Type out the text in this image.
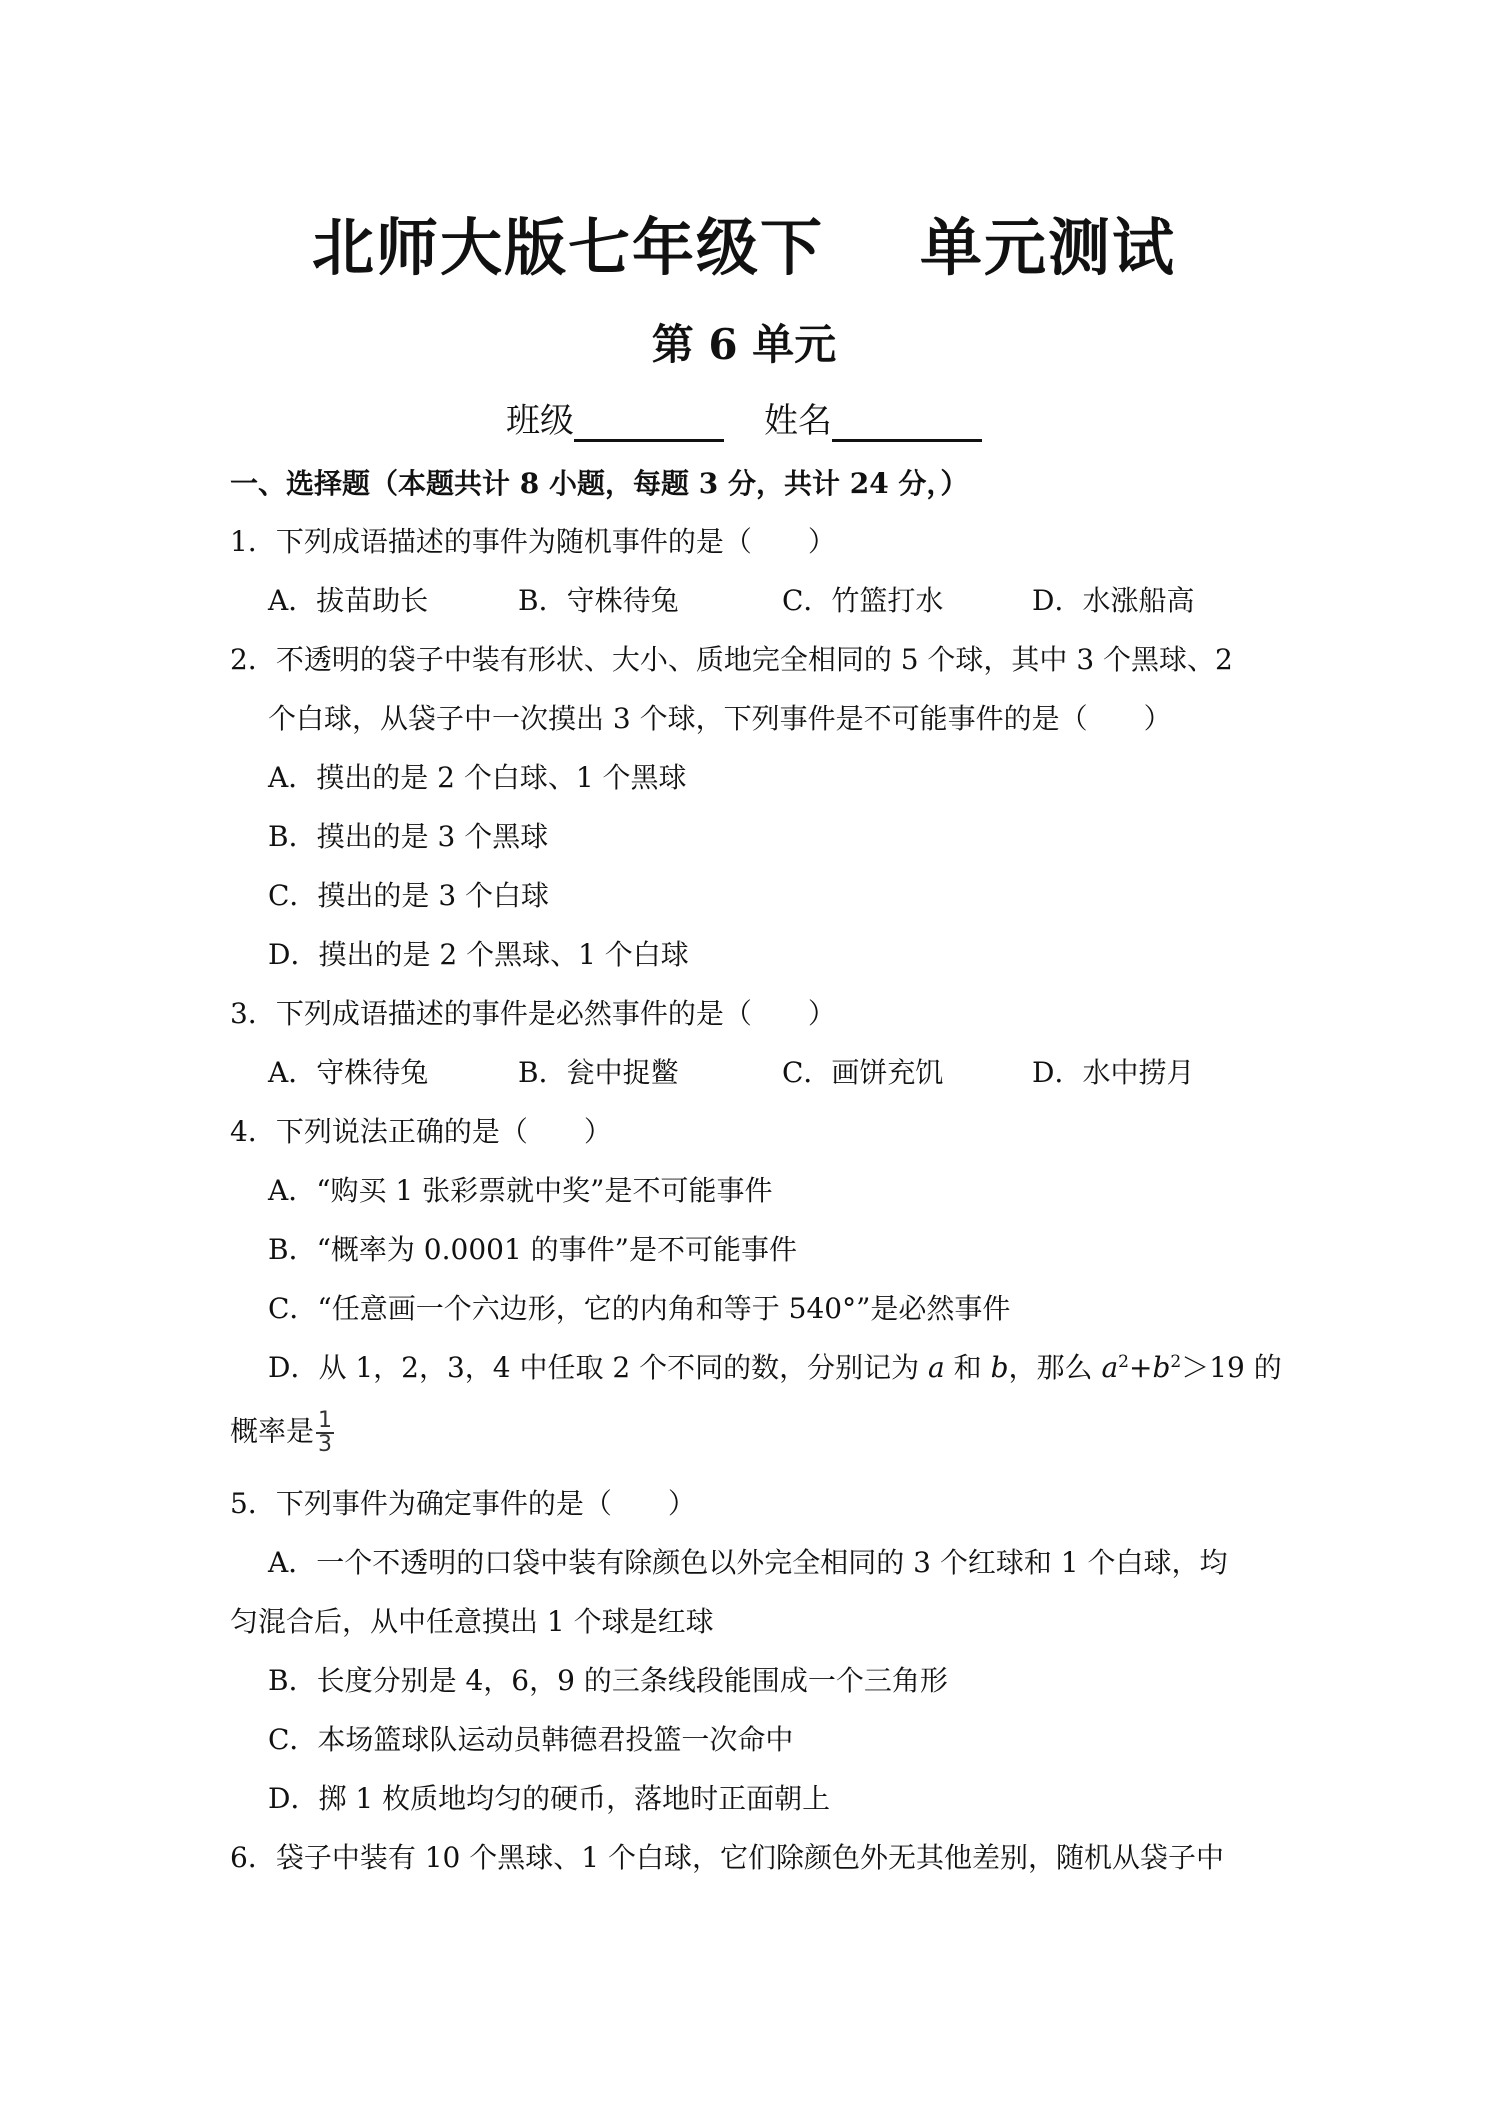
北师大版七年级下 单元测试
第 6 单元
班级	姓名
一、选择题（本题共计 8 小题，每题 3 分，共计 24 分，）
1．下列成语描述的事件为随机事件的是（　　）
A．拔苗助长	B．守株待兔	C．竹篮打水	D．水涨船高
2．不透明的袋子中装有形状、大小、质地完全相同的 5 个球，其中 3 个黑球、2
个白球，从袋子中一次摸出 3 个球，下列事件是不可能事件的是（　　）
A．摸出的是 2 个白球、1 个黑球
B．摸出的是 3 个黑球
C．摸出的是 3 个白球
D．摸出的是 2 个黑球、1 个白球
3．下列成语描述的事件是必然事件的是（　　）
A．守株待兔	B．瓮中捉鳖	C．画饼充饥	D．水中捞月
4．下列说法正确的是（　　）
A．“购买 1 张彩票就中奖”是不可能事件
B．“概率为 0.0001 的事件”是不可能事件
C．“任意画一个六边形，它的内角和等于 540°”是必然事件
D．从 1，2，3，4 中任取 2 个不同的数，分别记为 a 和 b，那么 $a^2+b^2>19$ 的
概率是 $\frac{1}{3}$
5．下列事件为确定事件的是（　　）
A．一个不透明的口袋中装有除颜色以外完全相同的 3 个红球和 1 个白球，均
匀混合后，从中任意摸出 1 个球是红球
B．长度分别是 4，6，9 的三条线段能围成一个三角形
C．本场篮球队运动员韩德君投篮一次命中
D．掷 1 枚质地均匀的硬币，落地时正面朝上
6．袋子中装有 10 个黑球、1 个白球，它们除颜色外无其他差别，随机从袋子中
